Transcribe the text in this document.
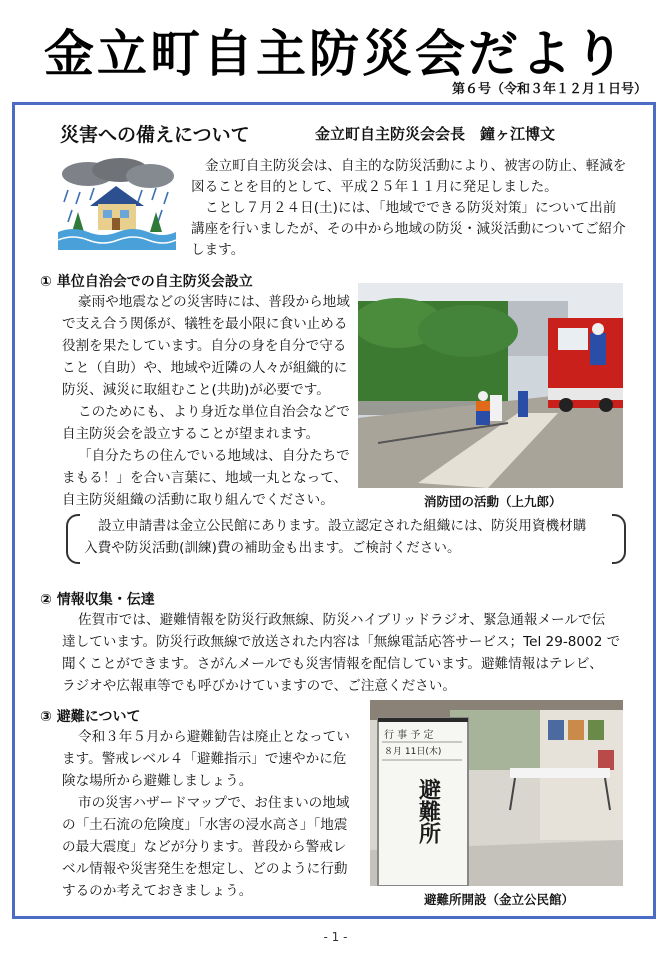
金立町自主防災会だより
第６号（令和３年１２月１日号）
災害への備えについて	金立町自主防災会会長　鐘ヶ江博文
金立町自主防災会は、自主的な防災活動により、被害の防止、軽減を
図ることを目的として、平成２５年１１月に発足しました。
ことし７月２４日(土)には、「地域でできる防災対策」について出前
講座を行いましたが、その中から地域の防災・減災活動についてご紹介
します。
① 単位自治会での自主防災会設立
豪雨や地震などの災害時には、普段から地域
で支え合う関係が、犠牲を最小限に食い止める
役割を果たしています。自分の身を自分で守る
こと（自助）や、地域や近隣の人々が組織的に
防災、減災に取組むこと(共助)が必要です。
このためにも、より身近な単位自治会などで
自主防災会を設立することが望まれます。
「自分たちの住んでいる地域は、自分たちで
まもる！」を合い言葉に、地域一丸となって、
自主防災組織の活動に取り組んでください。	消防団の活動（上九郎）
設立申請書は金立公民館にあります。設立認定された組織には、防災用資機材購
入費や防災活動(訓練)費の補助金も出ます。ご検討ください。
② 情報収集・伝達
佐賀市では、避難情報を防災行政無線、防災ハイブリッドラジオ、緊急通報メールで伝
達しています。防災行政無線で放送された内容は「無線電話応答サービス；Tel 29-8002 で
聞くことができます。さがんメールでも災害情報を配信しています。避難情報はテレビ、
ラジオや広報車等でも呼びかけていますので、ご注意ください。
③ 避難について
令和３年５月から避難勧告は廃止となってい
ます。警戒レベル４「避難指示」で速やかに危
険な場所から避難しましょう。
市の災害ハザードマップで、お住まいの地域
の「土石流の危険度」「水害の浸水高さ」「地震
の最大震度」などが分ります。普段から警戒レ
ベル情報や災害発生を想定し、どのように行動
するのか考えておきましょう。
行 事 予 定
８月 11日(木)
避難所
避難所開設（金立公民館）
- 1 -
